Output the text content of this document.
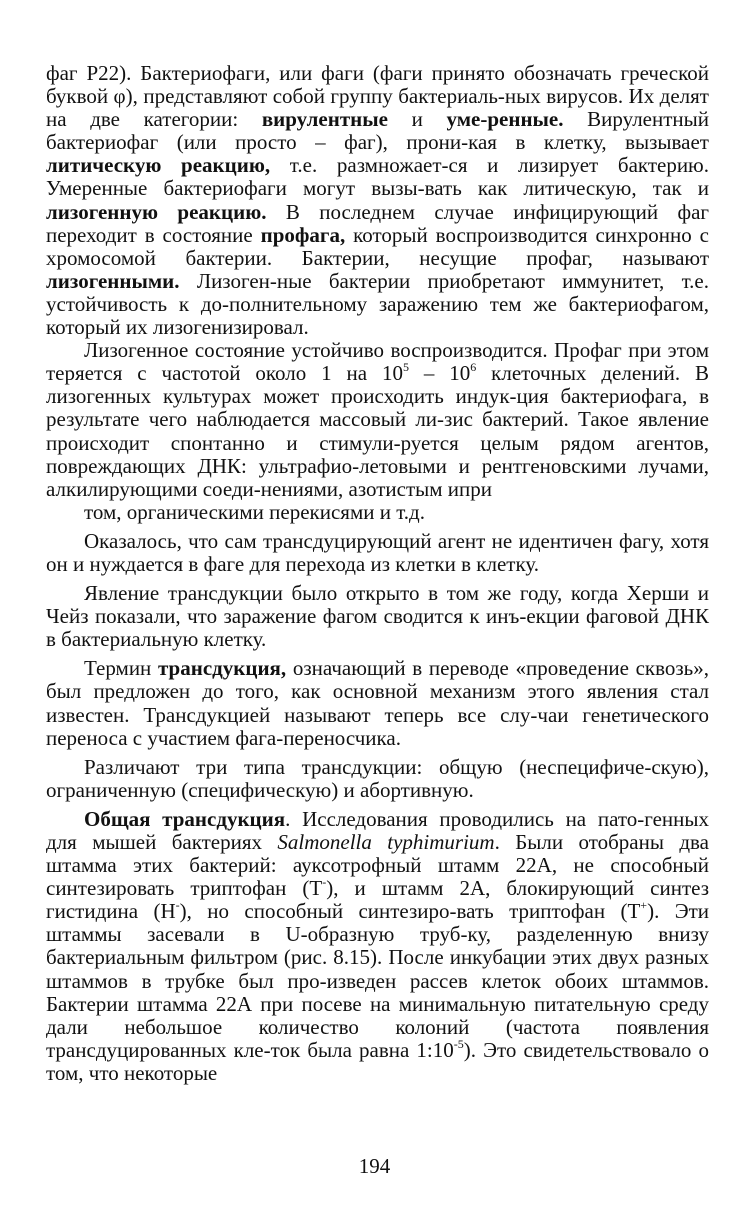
фаг P22). Бактериофаги, или фаги (фаги принято обозначать греческой буквой φ), представляют собой группу бактериаль-ных вирусов. Их делят на две категории: вирулентные и уме-ренные. Вирулентный бактериофаг (или просто – фаг), прони-кая в клетку, вызывает литическую реакцию, т.е. размножает-ся и лизирует бактерию. Умеренные бактериофаги могут вызы-вать как литическую, так и лизогенную реакцию. В последнем случае инфицирующий фаг переходит в состояние профага, который воспроизводится синхронно с хромосомой бактерии. Бактерии, несущие профаг, называют лизогенными. Лизоген-ные бактерии приобретают иммунитет, т.е. устойчивость к до-полнительному заражению тем же бактериофагом, который их лизогенизировал.

Лизогенное состояние устойчиво воспроизводится. Профаг при этом теряется с частотой около 1 на $10^5 - 10^6$ клеточных делений. В лизогенных культурах может происходить индук-ция бактериофага, в результате чего наблюдается массовый ли-зис бактерий. Такое явление происходит спонтанно и стимули-руется целым рядом агентов, повреждающих ДНК: ультрафио-летовыми и рентгеновскими лучами, алкилирующими соеди-нениями, азотистым ипри

том, органическими перекисями и т.д.

Оказалось, что сам трансдуцирующий агент не идентичен фагу, хотя он и нуждается в фаге для перехода из клетки в клетку.

Явление трансдукции было открыто в том же году, когда Херши и Чейз показали, что заражение фагом сводится к инъ-екции фаговой ДНК в бактериальную клетку.

Термин трансдукция, означающий в переводе «проведение сквозь», был предложен до того, как основной механизм этого явления стал известен. Трансдукцией называют теперь все слу-чаи генетического переноса с участием фага-переносчика.

Различают три типа трансдукции: общую (неспецифиче-скую), ограниченную (специфическую) и абортивную.

Общая трансдукция. Исследования проводились на пато-генных для мышей бактериях Salmonella typhimurium. Были отобраны два штамма этих бактерий: ауксотрофный штамм 22А, не способный синтезировать триптофан (Т-), и штамм 2А, блокирующий синтез гистидина (Н-), но способный синтезиро-вать триптофан (Т+). Эти штаммы засевали в U-образную труб-ку, разделенную внизу бактериальным фильтром (рис. 8.15). После инкубации этих двух разных штаммов в трубке был про-изведен рассев клеток обоих штаммов. Бактерии штамма 22А при посеве на минимальную питательную среду дали небольшое количество колоний (частота появления трансдуцированных кле-ток была равна $1:10^{-5}$). Это свидетельствовало о том, что некоторые

194
